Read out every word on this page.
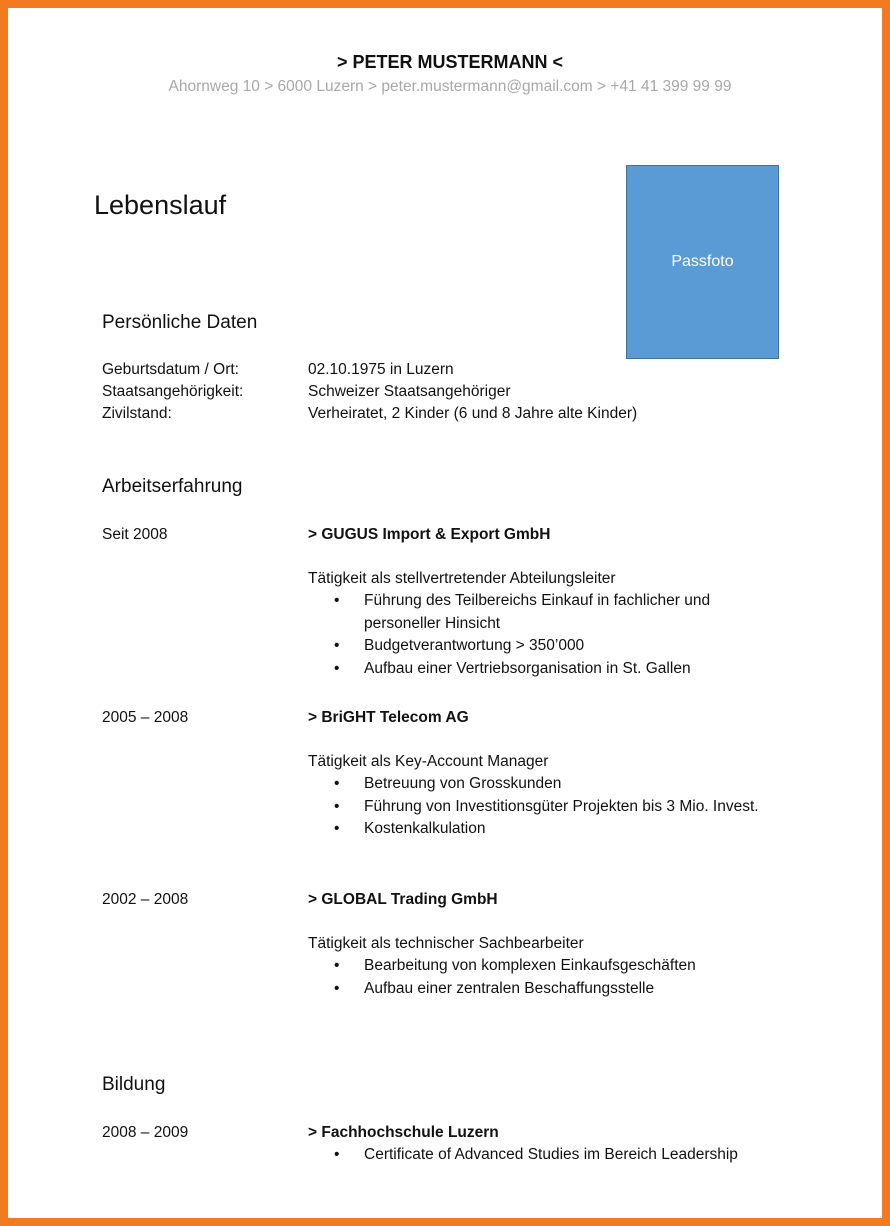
> PETER MUSTERMANN <
Ahornweg 10 > 6000 Luzern > peter.mustermann@gmail.com > +41 41 399 99 99
Lebenslauf
Passfoto
Persönliche Daten
Geburtsdatum / Ort:	02.10.1975 in Luzern
Staatsangehörigkeit:	Schweizer Staatsangehöriger
Zivilstand:	Verheiratet, 2 Kinder (6 und 8 Jahre alte Kinder)
Arbeitserfahrung
Seit 2008	> GUGUS Import & Export GmbH
Tätigkeit als stellvertretender Abteilungsleiter
• Führung des Teilbereichs Einkauf in fachlicher und personeller Hinsicht
• Budgetverantwortung > 350’000
• Aufbau einer Vertriebsorganisation in St. Gallen
2005 – 2008	> BriGHT Telecom AG
Tätigkeit als Key-Account Manager
• Betreuung von Grosskunden
• Führung von Investitionsgüter Projekten bis 3 Mio. Invest.
• Kostenkalkulation
2002 – 2008	> GLOBAL Trading GmbH
Tätigkeit als technischer Sachbearbeiter
• Bearbeitung von komplexen Einkaufsgeschäften
• Aufbau einer zentralen Beschaffungsstelle
Bildung
2008 – 2009	> Fachhochschule Luzern
• Certificate of Advanced Studies im Bereich Leadership
